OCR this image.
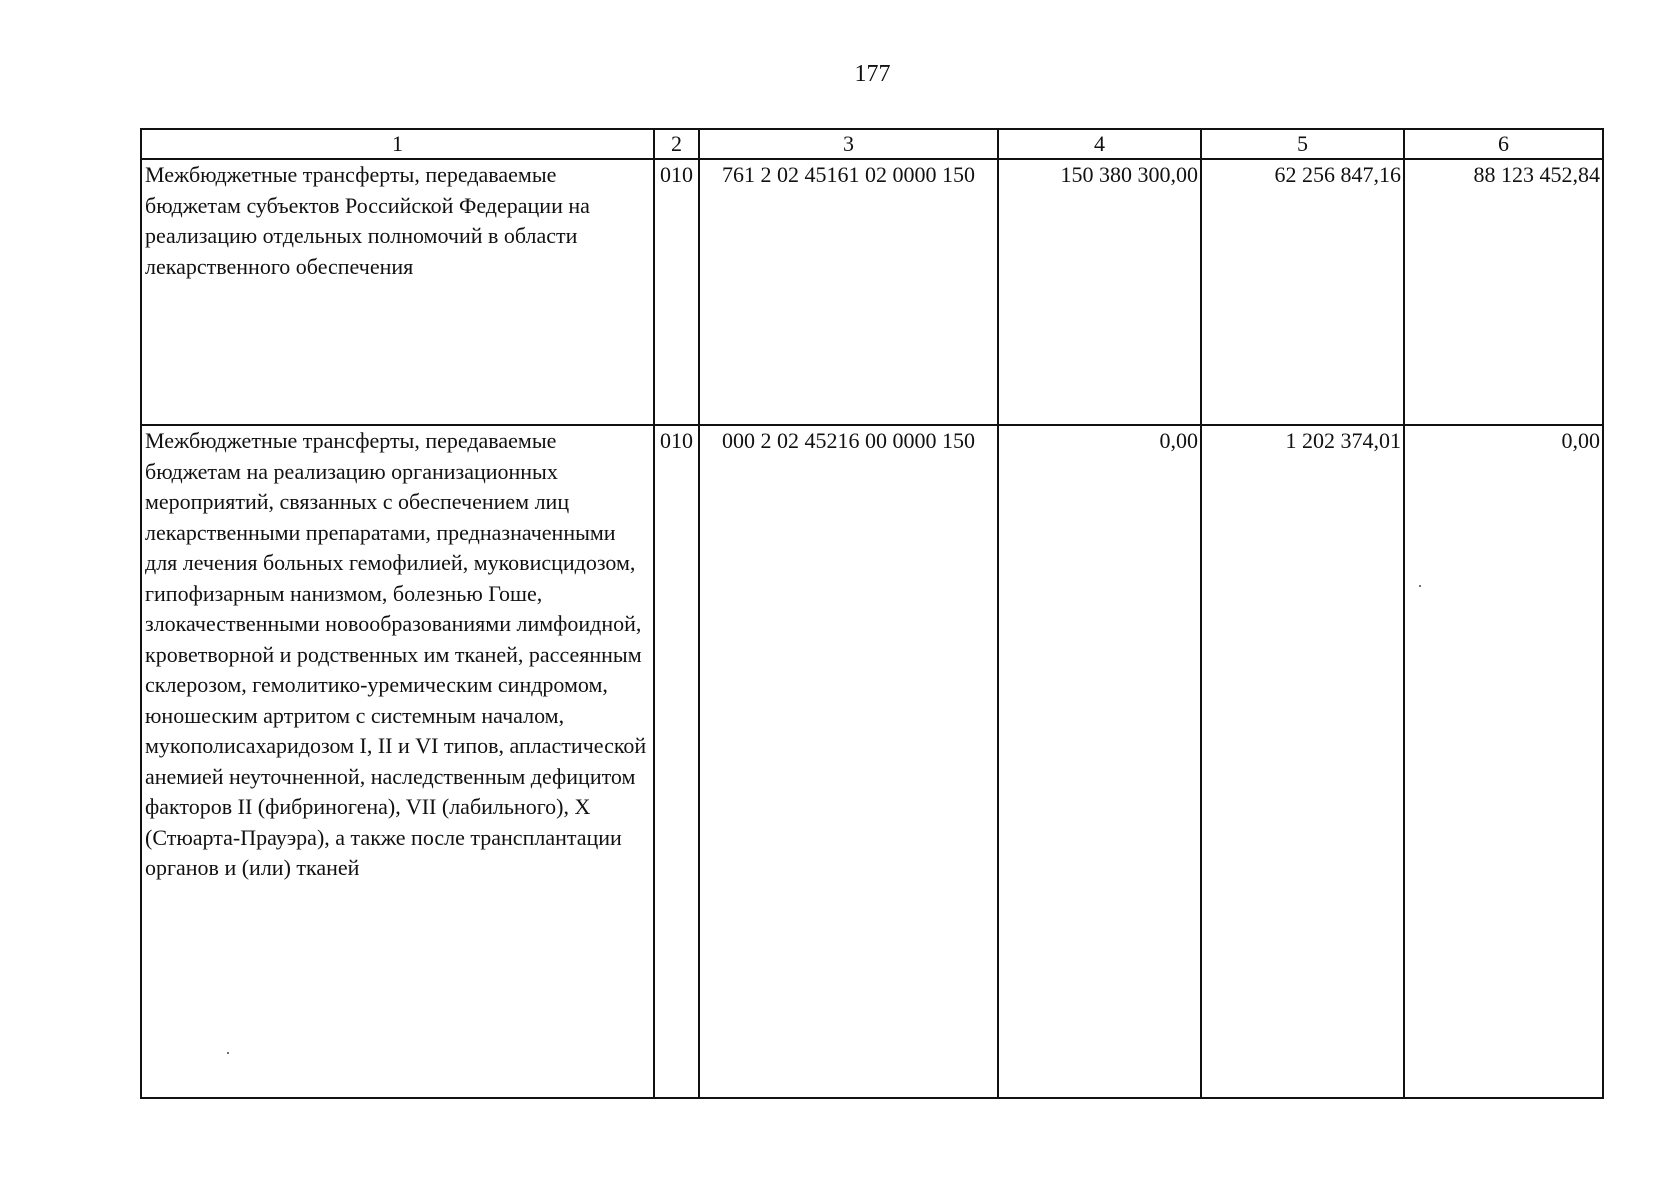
177
1	2	3	4	5	6
Межбюджетные трансферты, передаваемые бюджетам субъектов Российской Федерации на реализацию отдельных полномочий в области лекарственного обеспечения	010	761 2 02 45161 02 0000 150	150 380 300,00	62 256 847,16	88 123 452,84
Межбюджетные трансферты, передаваемые бюджетам на реализацию организационных мероприятий, связанных с обеспечением лиц лекарственными препаратами, предназначенными для лечения больных гемофилией, муковисцидозом, гипофизарным нанизмом, болезнью Гоше, злокачественными новообразованиями лимфоидной, кроветворной и родственных им тканей, рассеянным склерозом, гемолитико-уремическим синдромом, юношеским артритом с системным началом, мукополисахаридозом I, II и VI типов, апластической анемией неуточненной, наследственным дефицитом факторов II (фибриногена), VII (лабильного), X (Стюарта-Прауэра), а также после трансплантации органов и (или) тканей	010	000 2 02 45216 00 0000 150	0,00	1 202 374,01	0,00
